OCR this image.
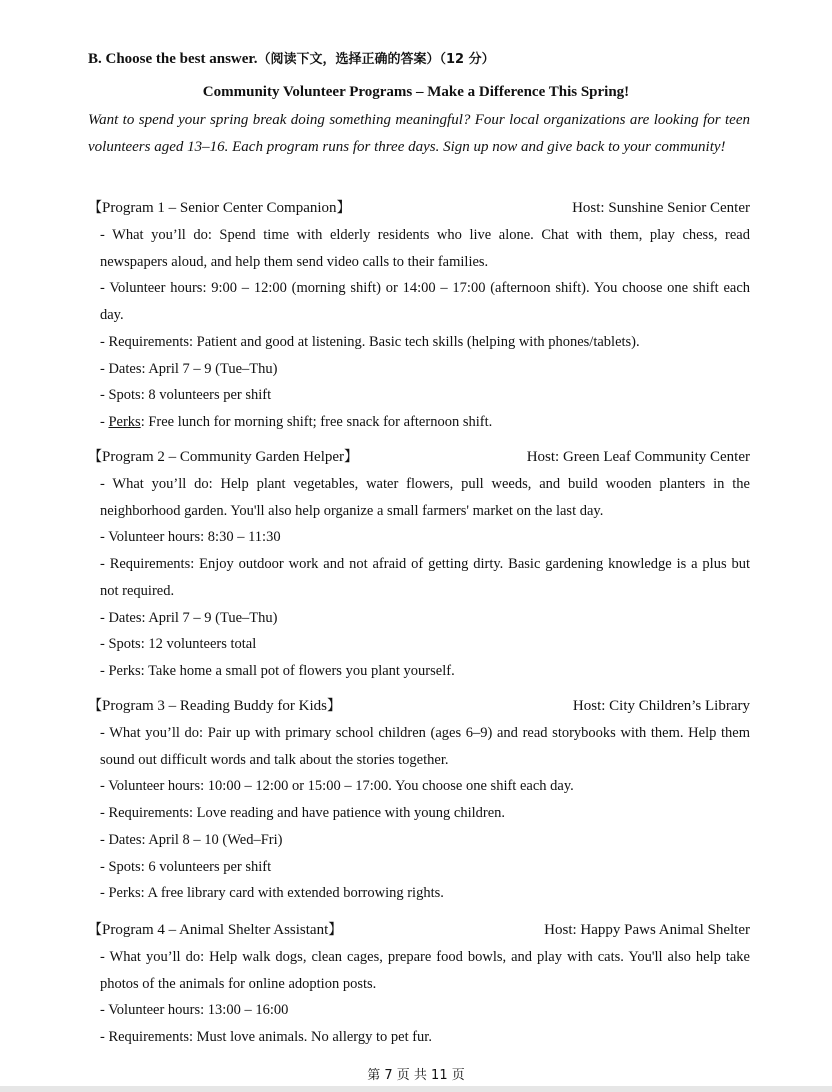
B. Choose the best answer.（阅读下文，选择正确的答案）（12 分）
Community Volunteer Programs – Make a Difference This Spring!
Want to spend your spring break doing something meaningful? Four local organizations are looking for teen volunteers aged 13–16. Each program runs for three days. Sign up now and give back to your community!
【Program 1 – Senior Center Companion】	Host: Sunshine Senior Center
- What you’ll do: Spend time with elderly residents who live alone. Chat with them, play chess, read newspapers aloud, and help them send video calls to their families.
- Volunteer hours: 9:00 – 12:00 (morning shift) or 14:00 – 17:00 (afternoon shift). You choose one shift each day.
- Requirements: Patient and good at listening. Basic tech skills (helping with phones/tablets).
- Dates: April 7 – 9 (Tue–Thu)
- Spots: 8 volunteers per shift
- Perks: Free lunch for morning shift; free snack for afternoon shift.
【Program 2 – Community Garden Helper】	Host: Green Leaf Community Center
- What you’ll do: Help plant vegetables, water flowers, pull weeds, and build wooden planters in the neighborhood garden. You'll also help organize a small farmers' market on the last day.
- Volunteer hours: 8:30 – 11:30
- Requirements: Enjoy outdoor work and not afraid of getting dirty. Basic gardening knowledge is a plus but not required.
- Dates: April 7 – 9 (Tue–Thu)
- Spots: 12 volunteers total
- Perks: Take home a small pot of flowers you plant yourself.
【Program 3 – Reading Buddy for Kids】	Host: City Children’s Library
- What you’ll do: Pair up with primary school children (ages 6–9) and read storybooks with them. Help them sound out difficult words and talk about the stories together.
- Volunteer hours: 10:00 – 12:00 or 15:00 – 17:00. You choose one shift each day.
- Requirements: Love reading and have patience with young children.
- Dates: April 8 – 10 (Wed–Fri)
- Spots: 6 volunteers per shift
- Perks: A free library card with extended borrowing rights.
【Program 4 – Animal Shelter Assistant】	Host: Happy Paws Animal Shelter
- What you’ll do: Help walk dogs, clean cages, prepare food bowls, and play with cats. You'll also help take photos of the animals for online adoption posts.
- Volunteer hours: 13:00 – 16:00
- Requirements: Must love animals. No allergy to pet fur.
第 7 页 共 11 页
